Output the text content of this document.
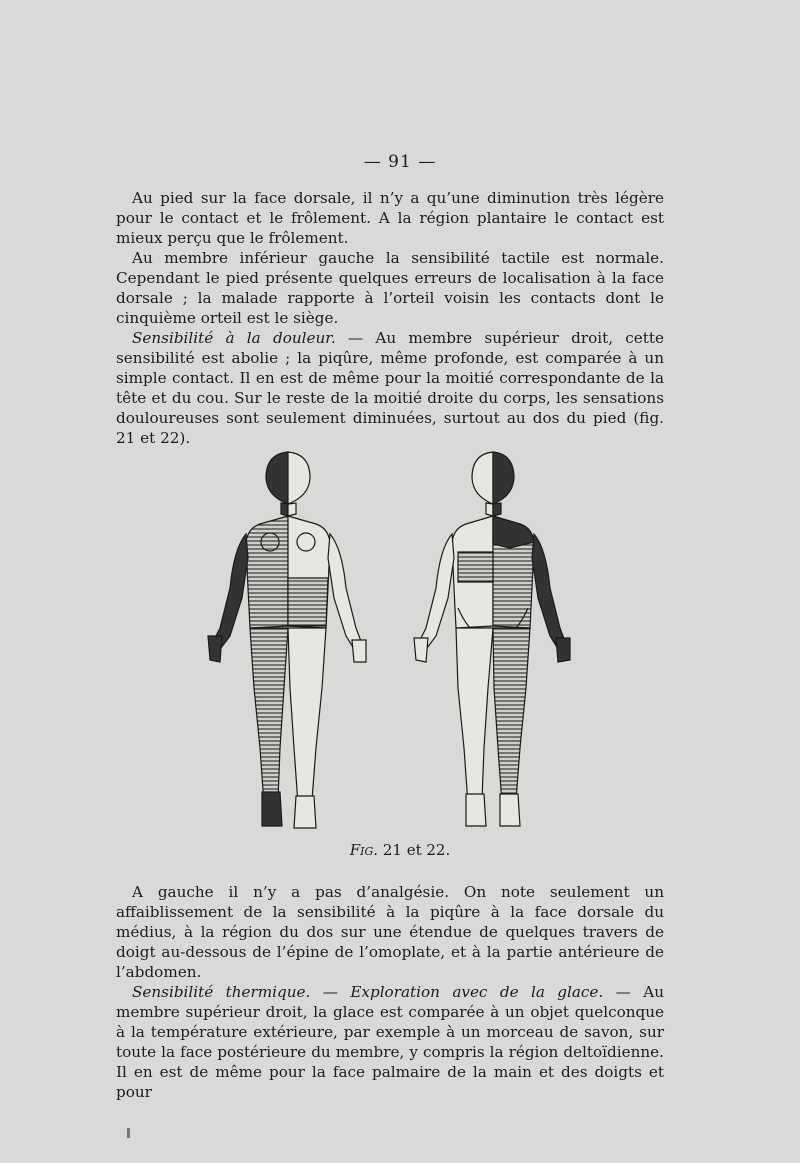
— 91 —

Au pied sur la face dorsale, il n’y a qu’une diminution très légère pour le contact et le frôlement. A la région plantaire le contact est mieux perçu que le frôlement.

Au membre inférieur gauche la sensibilité tactile est normale. Cependant le pied présente quelques erreurs de localisation à la face dorsale ; la malade rapporte à l’orteil voisin les contacts dont le cinquième orteil est le siège.

Sensibilité à la douleur. — Au membre supérieur droit, cette sensibilité est abolie ; la piqûre, même profonde, est comparée à un simple contact. Il en est de même pour la moitié correspondante de la tête et du cou. Sur le reste de la moitié droite du corps, les sensations douloureuses sont seulement diminuées, surtout au dos du pied (fig. 21 et 22).

Fig. 21 et 22.

A gauche il n’y a pas d’analgésie. On note seulement un affaiblissement de la sensibilité à la piqûre à la face dorsale du médius, à la région du dos sur une étendue de quelques travers de doigt au-dessous de l’épine de l’omoplate, et à la partie antérieure de l’abdomen.

Sensibilité thermique. — Exploration avec de la glace. — Au membre supérieur droit, la glace est comparée à un objet quelconque à la température extérieure, par exemple à un morceau de savon, sur toute la face postérieure du membre, y compris la région deltoïdienne. Il en est de même pour la face palmaire de la main et des doigts et pour
